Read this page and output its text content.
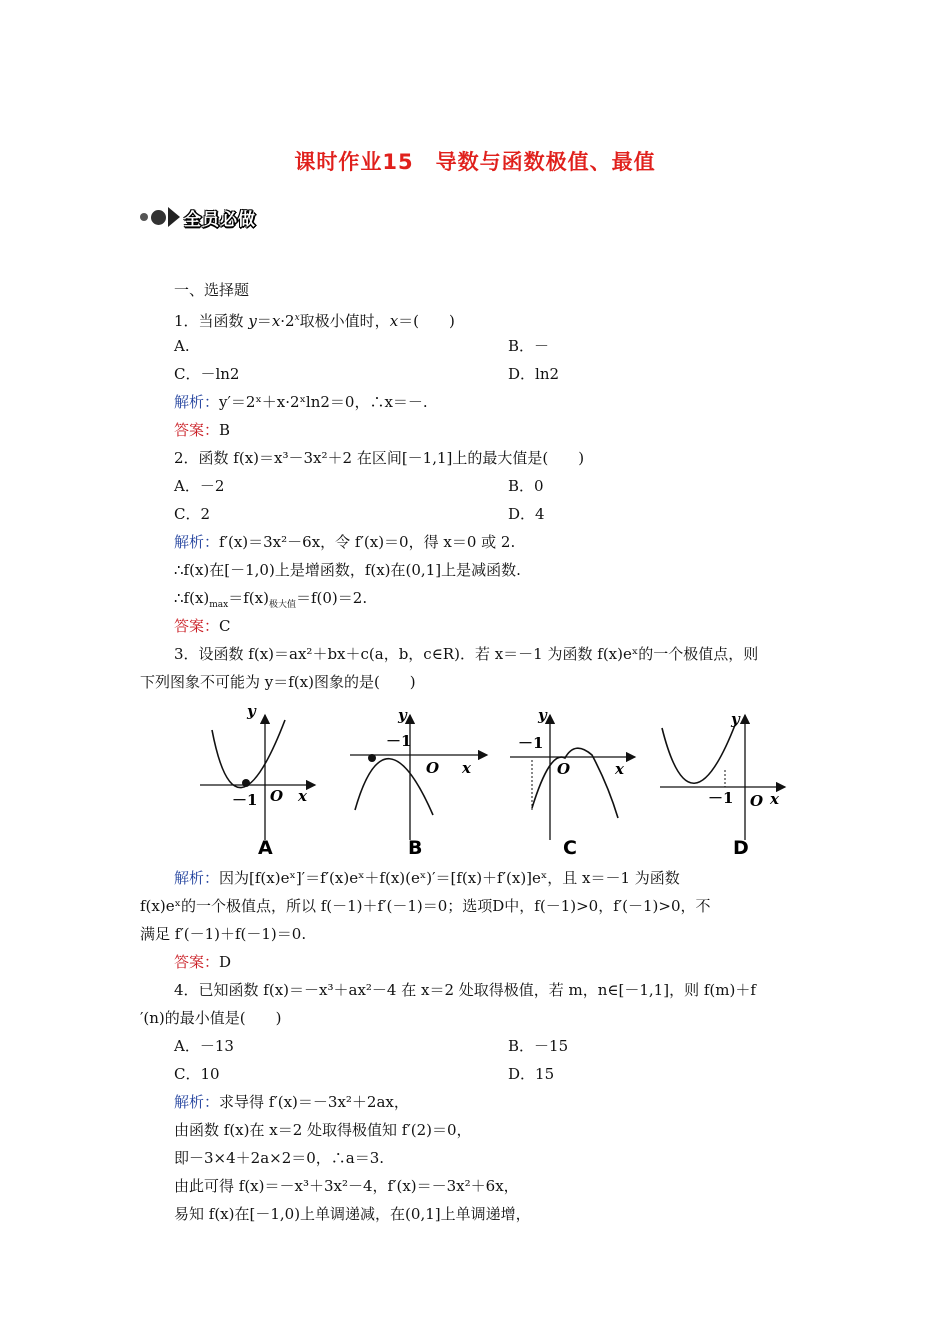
课时作业15　导数与函数极值、最值
全员必做
一、选择题
1．当函数 $y=x\cdot 2^x$取极小值时，x＝(　　)
A.	B．－
C．－ln2	D．ln2
解析：y′＝2ˣ＋x·2ˣln2＝0，∴x＝－.
答案：B
2．函数 f(x)＝x³－3x²＋2 在区间[－1,1]上的最大值是(　　)
A．－2	B．0
C．2	D．4
解析：f′(x)＝3x²－6x，令 f′(x)＝0，得 x＝0 或 2.
∴f(x)在[－1,0)上是增函数，f(x)在(0,1]上是减函数.
$\therefore f(x)_{max}=f(x)_{极大值}=f(0)=2$.
答案：C
3．设函数 f(x)＝ax²＋bx＋c(a，b，c∈R)．若 x＝－1 为函数 f(x)eˣ的一个极值点，则
下列图象不可能为 y＝f(x)图象的是(　　)
y
x
O
－1
A
y
x
O
－1
B
y
x
O
－1
C
y
x
O
－1
D
解析：因为[f(x)eˣ]′＝f′(x)eˣ＋f(x)(eˣ)′＝[f(x)＋f′(x)]eˣ，且 x＝－1 为函数
f(x)eˣ的一个极值点，所以 f(－1)＋f′(－1)＝0；选项D中，f(－1)>0，f′(－1)>0，不
满足 f′(－1)＋f(－1)＝0.
答案：D
4．已知函数 f(x)＝－x³＋ax²－4 在 x＝2 处取得极值，若 m，n∈[－1,1]，则 f(m)＋f
′(n)的最小值是(　　)
A．－13	B．－15
C．10	D．15
解析：求导得 f′(x)＝－3x²＋2ax，
由函数 f(x)在 x＝2 处取得极值知 f′(2)＝0，
即－3×4＋2a×2＝0，∴a＝3.
由此可得 f(x)＝－x³＋3x²－4，f′(x)＝－3x²＋6x，
易知 f(x)在[－1,0)上单调递减，在(0,1]上单调递增，
